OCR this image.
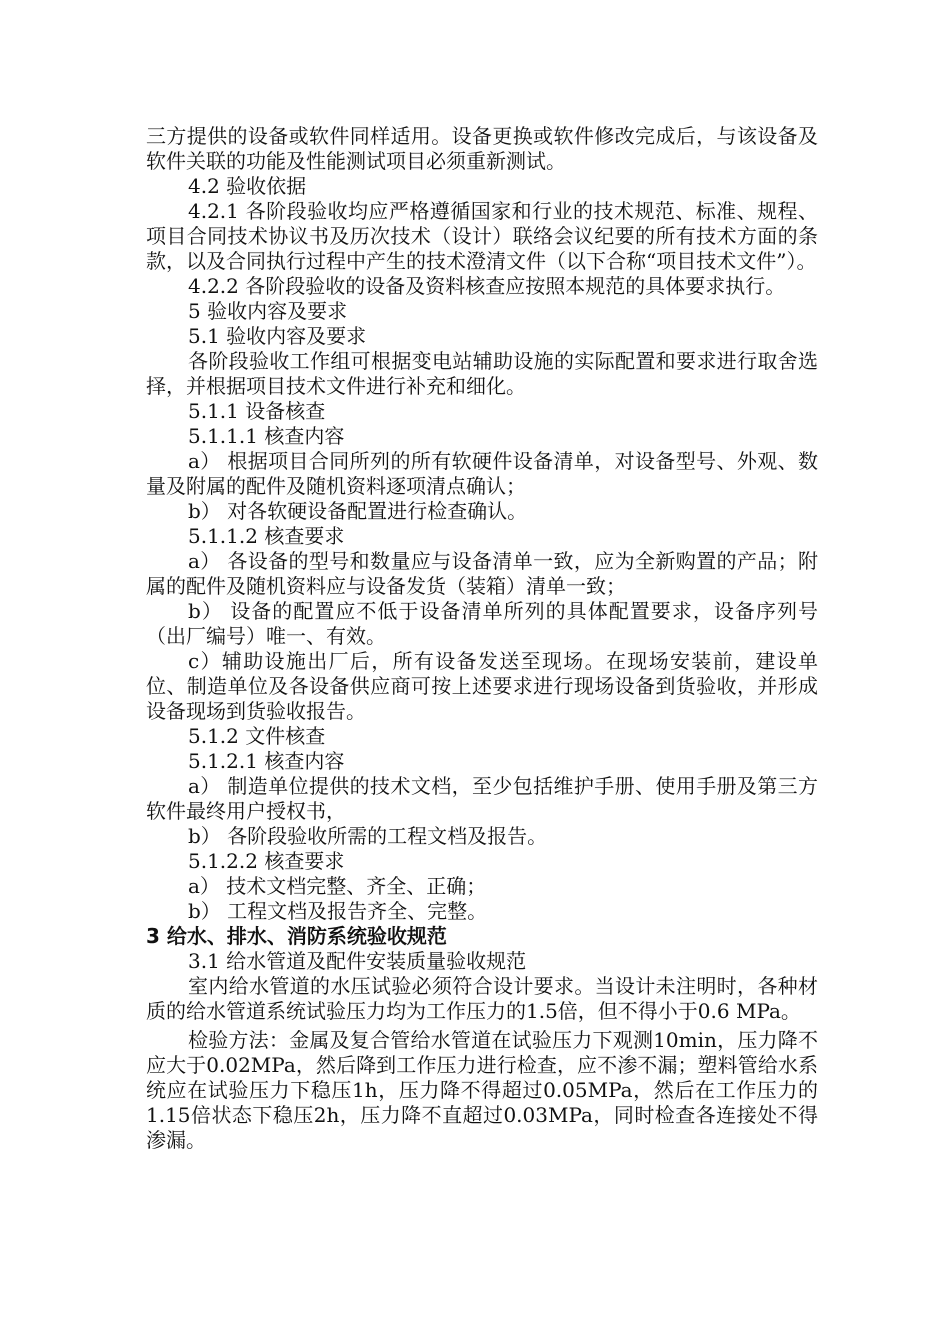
三方提供的设备或软件同样适用。设备更换或软件修改完成后，与该设备及软件关联的功能及性能测试项目必须重新测试。

4.2 验收依据

4.2.1 各阶段验收均应严格遵循国家和行业的技术规范、标准、规程、项目合同技术协议书及历次技术（设计）联络会议纪要的所有技术方面的条款，以及合同执行过程中产生的技术澄清文件（以下合称“项目技术文件”）。

4.2.2 各阶段验收的设备及资料核查应按照本规范的具体要求执行。

5 验收内容及要求

5.1 验收内容及要求

各阶段验收工作组可根据变电站辅助设施的实际配置和要求进行取舍选择，并根据项目技术文件进行补充和细化。

5.1.1 设备核查

5.1.1.1 核查内容

a） 根据项目合同所列的所有软硬件设备清单，对设备型号、外观、数量及附属的配件及随机资料逐项清点确认；

b） 对各软硬设备配置进行检查确认。

5.1.1.2 核查要求

a） 各设备的型号和数量应与设备清单一致，应为全新购置的产品；附属的配件及随机资料应与设备发货（装箱）清单一致；

b） 设备的配置应不低于设备清单所列的具体配置要求，设备序列号（出厂编号）唯一、有效。

c）辅助设施出厂后，所有设备发送至现场。在现场安装前，建设单位、制造单位及各设备供应商可按上述要求进行现场设备到货验收，并形成设备现场到货验收报告。

5.1.2 文件核查

5.1.2.1 核查内容

a） 制造单位提供的技术文档，至少包括维护手册、使用手册及第三方软件最终用户授权书，

b） 各阶段验收所需的工程文档及报告。

5.1.2.2 核查要求

a） 技术文档完整、齐全、正确；

b） 工程文档及报告齐全、完整。

3 给水、排水、消防系统验收规范

3.1 给水管道及配件安装质量验收规范

室内给水管道的水压试验必须符合设计要求。当设计未注明时，各种材质的给水管道系统试验压力均为工作压力的1.5倍，但不得小于0.6 MPa。

检验方法：金属及复合管给水管道在试验压力下观测10min，压力降不应大于0.02MPa，然后降到工作压力进行检查，应不渗不漏；塑料管给水系统应在试验压力下稳压1h，压力降不得超过0.05MPa，然后在工作压力的1.15倍状态下稳压2h，压力降不直超过0.03MPa，同时检查各连接处不得渗漏。
